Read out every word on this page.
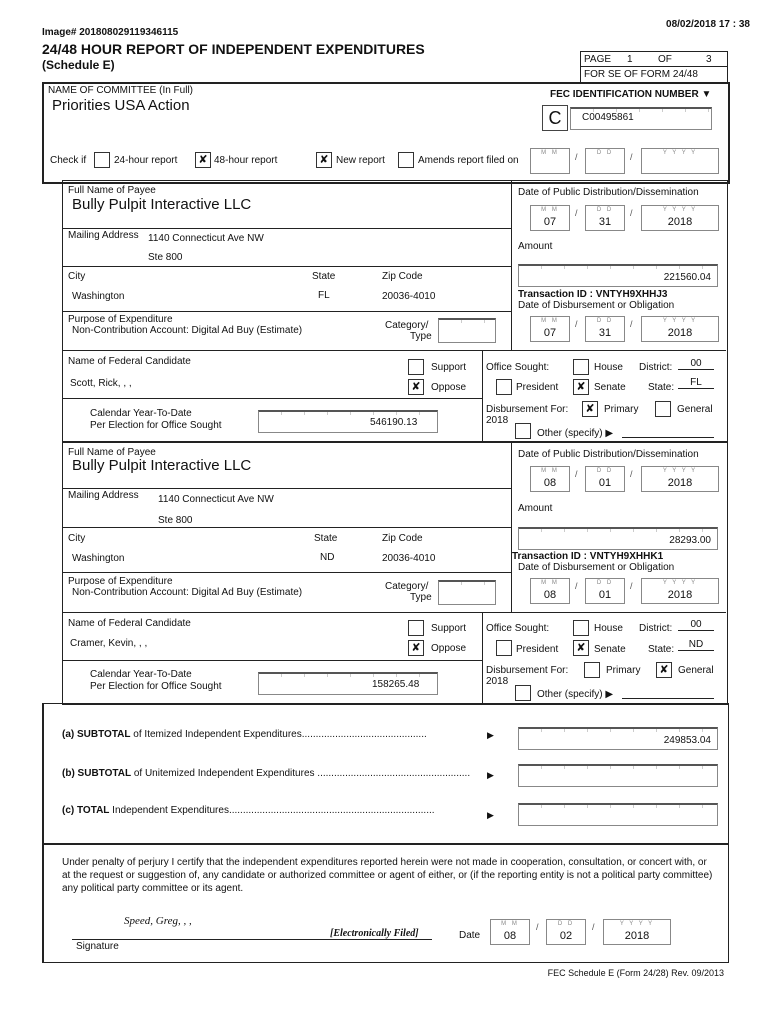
08/02/2018 17 : 38
Image# 201808029119346115
24/48 HOUR REPORT OF INDEPENDENT EXPENDITURES
(Schedule E)	PAGE 1	OF	3
FOR SE OF FORM 24/48
NAME OF COMMITTEE (In Full)
Priorities USA Action
FEC IDENTIFICATION NUMBER ▼
C	C00495861
Check if	24-hour report	✘ 48-hour report	✘ New report	Amends report filed on
M M	/	D D	/	Y Y Y Y
Full Name of Payee
Bully Pulpit Interactive LLC
Mailing Address 1140 Connecticut Ave NW
Ste 800
City	State	Zip Code
Washington	FL	20036-4010
Purpose of Expenditure
Non-Contribution Account: Digital Ad Buy (Estimate)	Category/
Type
Name of Federal Candidate
Scott, Rick, , ,
Support
✘	Oppose
Calendar Year-To-Date
Per Election for Office Sought	546190.13
Date of Public Distribution/Dissemination
M M
07
/	D D
31
/	Y Y Y Y
2018
Amount
221560.04
Transaction ID : VNTYH9XHHJ3
Date of Disbursement or Obligation
M M
07
/	D D
31
/	Y Y Y Y
2018
Office Sought:	House District:	00
President	✘ Senate State:	FL
Disbursement For:
2018
✘ Primary	General
Other (specify) ▶
Full Name of Payee
Bully Pulpit Interactive LLC
Mailing Address 1140 Connecticut Ave NW
Ste 800
City	State	Zip Code
Washington	ND	20036-4010
Purpose of Expenditure
Non-Contribution Account: Digital Ad Buy (Estimate)
Category/
Type
Name of Federal Candidate
Cramer, Kevin, , ,
Support
✘	Oppose
Calendar Year-To-Date
Per Election for Office Sought	158265.48
Date of Public Distribution/Dissemination
M M
08
/	D D
01
/	Y Y Y Y
2018
Amount
28293.00
Transaction ID : VNTYH9XHHK1
Date of Disbursement or Obligation
M M
08
/	D D
01
/	Y Y Y Y
2018
Office Sought:	House District:	00
President	✘ Senate State:	ND
Disbursement For:
2018
Primary	✘ General
Other (specify) ▶
(a) SUBTOTAL of Itemized Independent Expenditures.............................................	▶	249853.04
(b) SUBTOTAL of Unitemized Independent Expenditures ....................................................... ▶
(c) TOTAL Independent Expenditures..........................................................................	▶
Under penalty of perjury I certify that the independent expenditures reported herein were not made in cooperation, consultation, or concert with, or at the request or suggestion of, any candidate or authorized committee or agent of either, or (if the reporting entity is not a political party committee) any political party committee or its agent.
Speed, Greg, , ,
[Electronically Filed]
Signature
Date
M M
08
/	D D
02
/	Y Y Y Y
2018
FEC Schedule E (Form 24/28) Rev. 09/2013
